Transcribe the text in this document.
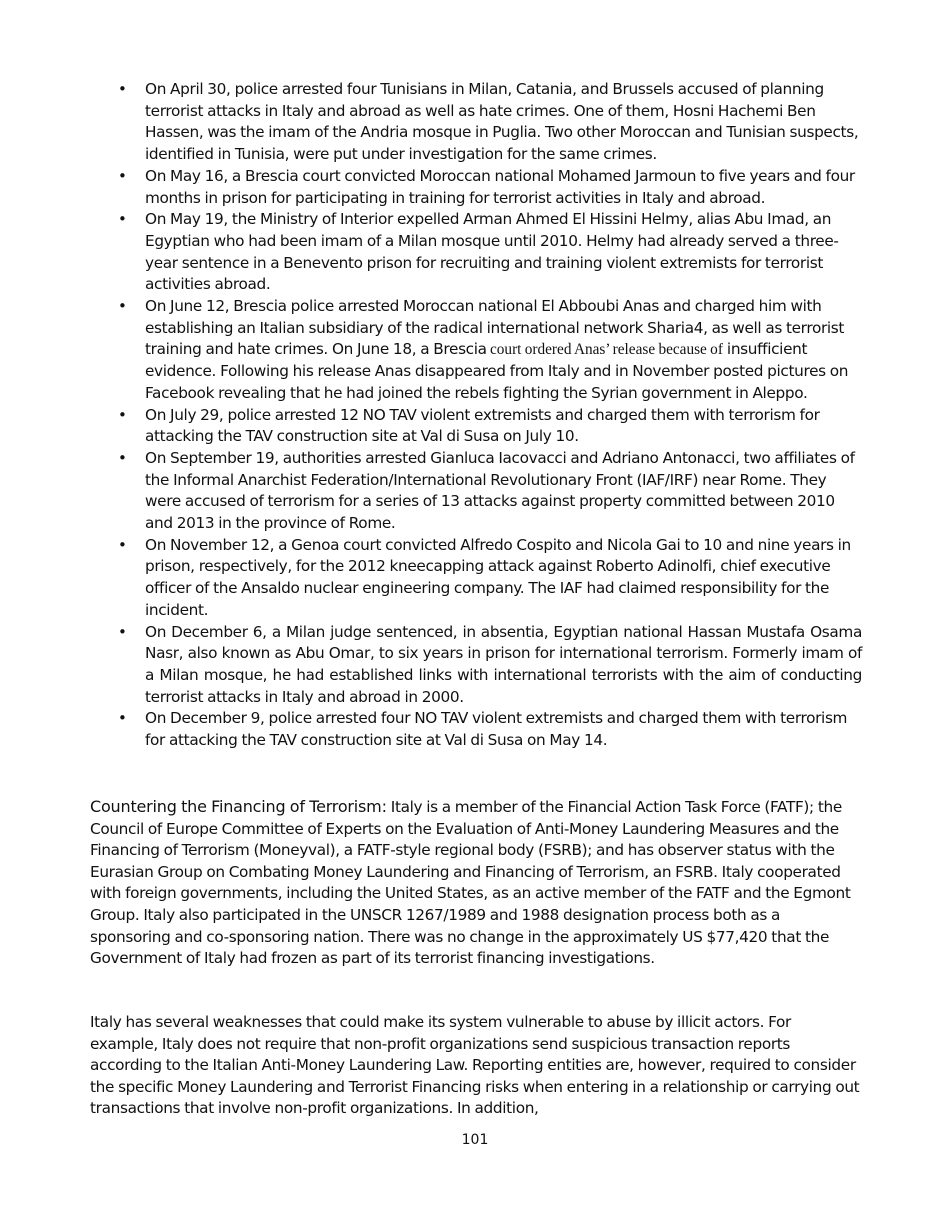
•	On April 30, police arrested four Tunisians in Milan, Catania, and Brussels accused of planning terrorist attacks in Italy and abroad as well as hate crimes. One of them, Hosni Hachemi Ben Hassen, was the imam of the Andria mosque in Puglia. Two other Moroccan and Tunisian suspects, identified in Tunisia, were put under investigation for the same crimes.
•	On May 16, a Brescia court convicted Moroccan national Mohamed Jarmoun to five years and four months in prison for participating in training for terrorist activities in Italy and abroad.
•	On May 19, the Ministry of Interior expelled Arman Ahmed El Hissini Helmy, alias Abu Imad, an Egyptian who had been imam of a Milan mosque until 2010. Helmy had already served a three-year sentence in a Benevento prison for recruiting and training violent extremists for terrorist activities abroad.
•	On June 12, Brescia police arrested Moroccan national El Abboubi Anas and charged him with establishing an Italian subsidiary of the radical international network Sharia4, as well as terrorist training and hate crimes. On June 18, a Brescia court ordered Anas’ release because of insufficient evidence. Following his release Anas disappeared from Italy and in November posted pictures on Facebook revealing that he had joined the rebels fighting the Syrian government in Aleppo.
•	On July 29, police arrested 12 NO TAV violent extremists and charged them with terrorism for attacking the TAV construction site at Val di Susa on July 10.
•	On September 19, authorities arrested Gianluca Iacovacci and Adriano Antonacci, two affiliates of the Informal Anarchist Federation/International Revolutionary Front (IAF/IRF) near Rome. They were accused of terrorism for a series of 13 attacks against property committed between 2010 and 2013 in the province of Rome.
•	On November 12, a Genoa court convicted Alfredo Cospito and Nicola Gai to 10 and nine years in prison, respectively, for the 2012 kneecapping attack against Roberto Adinolfi, chief executive officer of the Ansaldo nuclear engineering company. The IAF had claimed responsibility for the incident.
•	On December 6, a Milan judge sentenced, in absentia, Egyptian national Hassan Mustafa Osama Nasr, also known as Abu Omar, to six years in prison for international terrorism. Formerly imam of a Milan mosque, he had established links with international terrorists with the aim of conducting terrorist attacks in Italy and abroad in 2000.
•	On December 9, police arrested four NO TAV violent extremists and charged them with terrorism for attacking the TAV construction site at Val di Susa on May 14.

Countering the Financing of Terrorism: Italy is a member of the Financial Action Task Force (FATF); the Council of Europe Committee of Experts on the Evaluation of Anti-Money Laundering Measures and the Financing of Terrorism (Moneyval), a FATF-style regional body (FSRB); and has observer status with the Eurasian Group on Combating Money Laundering and Financing of Terrorism, an FSRB. Italy cooperated with foreign governments, including the United States, as an active member of the FATF and the Egmont Group. Italy also participated in the UNSCR 1267/1989 and 1988 designation process both as a sponsoring and co-sponsoring nation. There was no change in the approximately US $77,420 that the Government of Italy had frozen as part of its terrorist financing investigations.

Italy has several weaknesses that could make its system vulnerable to abuse by illicit actors. For example, Italy does not require that non-profit organizations send suspicious transaction reports according to the Italian Anti-Money Laundering Law. Reporting entities are, however, required to consider the specific Money Laundering and Terrorist Financing risks when entering in a relationship or carrying out transactions that involve non-profit organizations. In addition,

101
